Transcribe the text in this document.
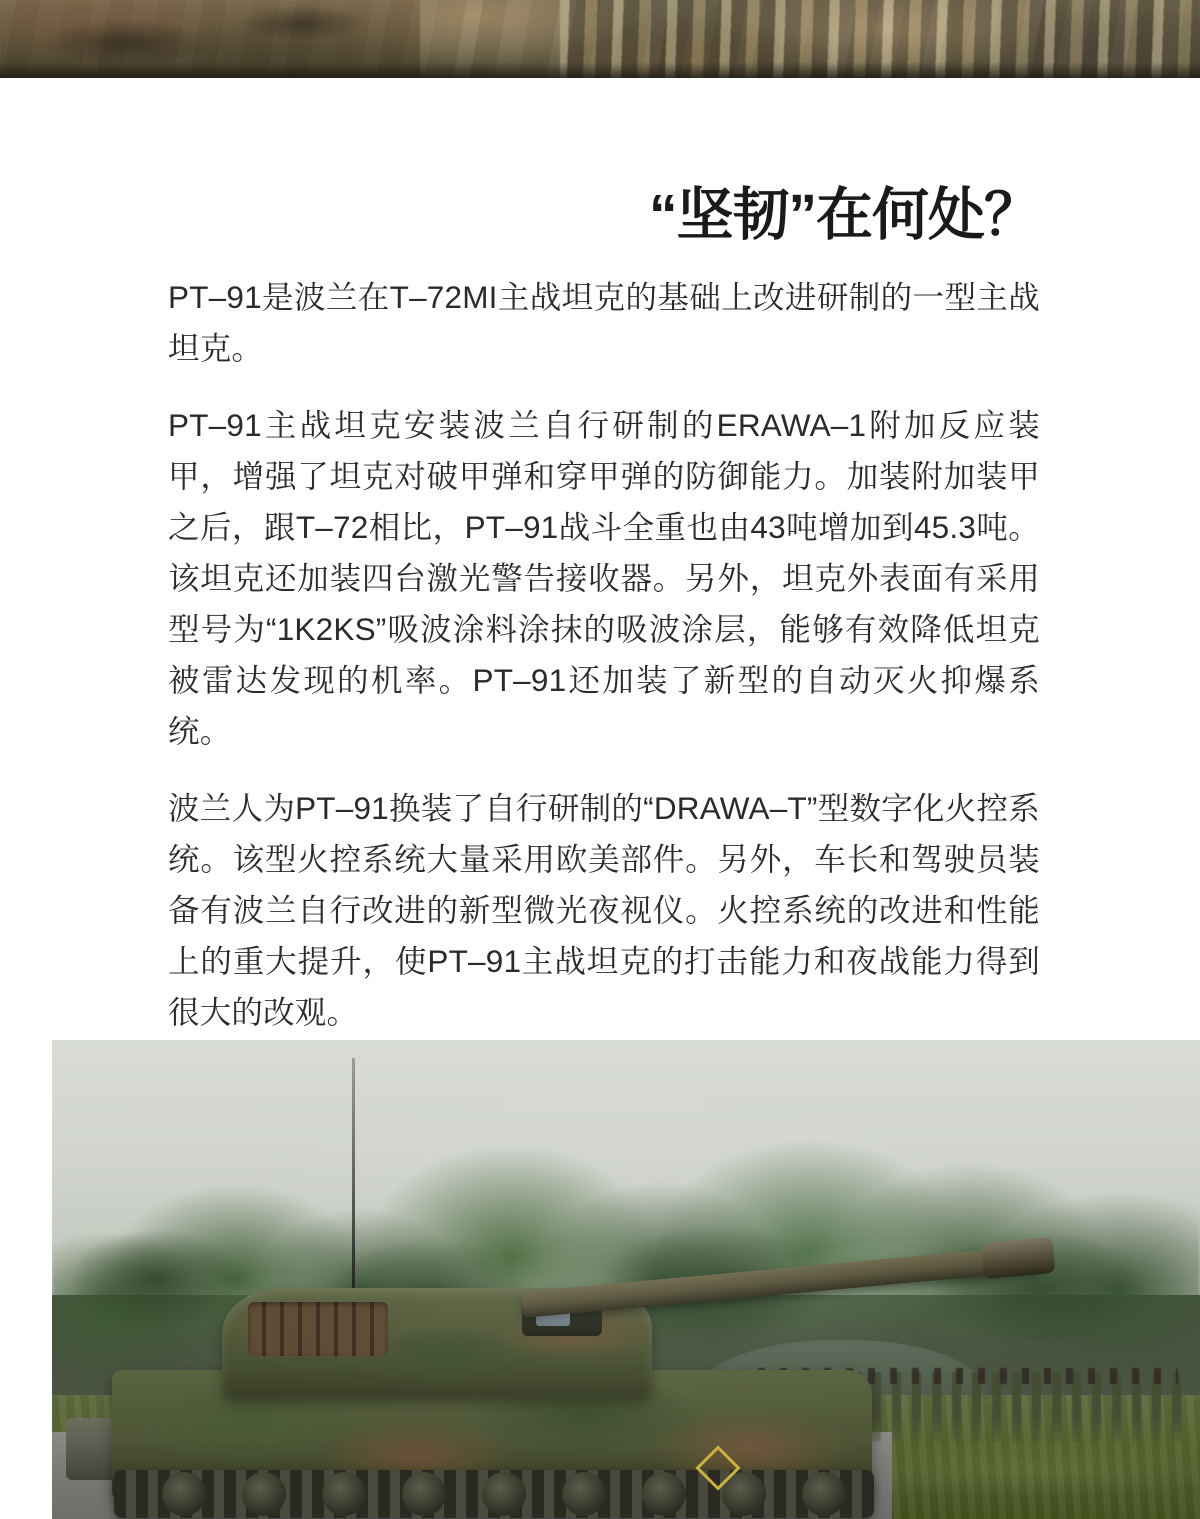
“坚韧”在何处？

PT–91是波兰在T–72MI主战坦克的基础上改进研制的一型主战坦克。

PT–91主战坦克安装波兰自行研制的ERAWA–1附加反应装甲，增强了坦克对破甲弹和穿甲弹的防御能力。加装附加装甲之后，跟T–72相比，PT–91战斗全重也由43吨增加到45.3吨。该坦克还加装四台激光警告接收器。另外，坦克外表面有采用型号为“1K2KS”吸波涂料涂抹的吸波涂层，能够有效降低坦克被雷达发现的机率。PT–91还加装了新型的自动灭火抑爆系统。

波兰人为PT–91换装了自行研制的“DRAWA–T”型数字化火控系统。该型火控系统大量采用欧美部件。另外，车长和驾驶员装备有波兰自行改进的新型微光夜视仪。火控系统的改进和性能上的重大提升，使PT–91主战坦克的打击能力和夜战能力得到很大的改观。
